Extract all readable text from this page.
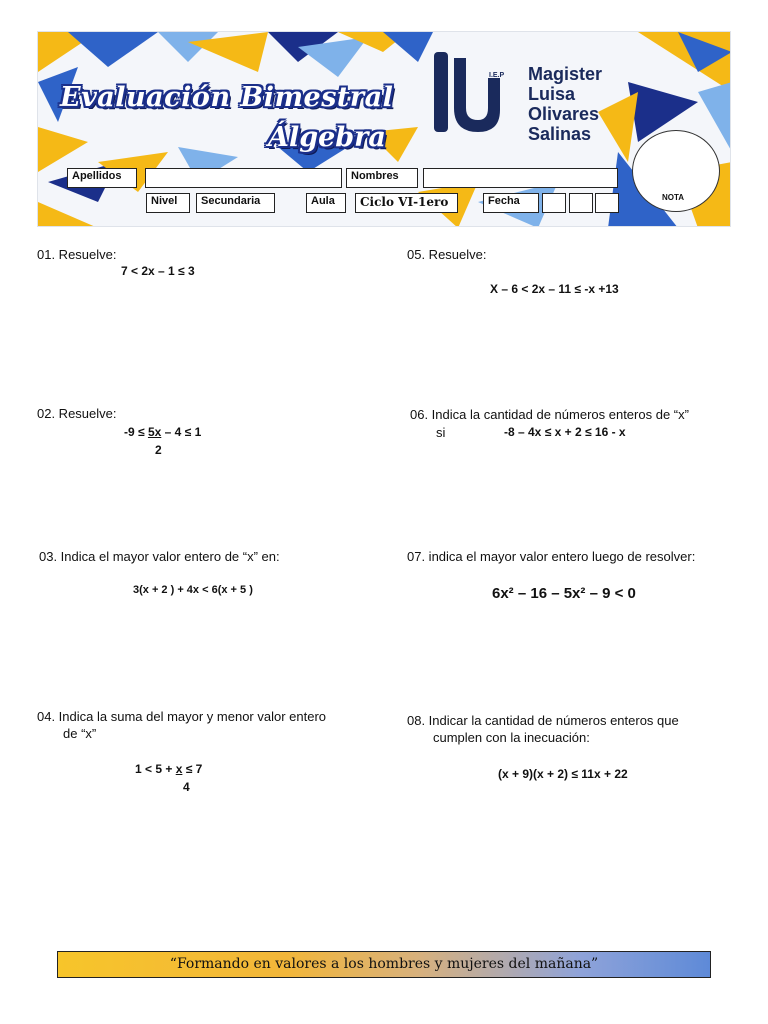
Evaluación Bimestral
Álgebra
I.E.P Magister
Luisa
Olivares
Salinas
Apellidos	Nombres
Nivel	Secundaria	Aula	Ciclo VI-1ero	Fecha	NOTA
01. Resuelve:
7 < 2x – 1 ≤ 3
02. Resuelve:
-9 ≤ 5x – 4 ≤ 1
2
03. Indica el mayor valor entero de “x” en:
3(x + 2 ) + 4x < 6(x + 5 )
04. Indica la suma del mayor y menor valor entero
de “x”
1 < 5 + x ≤ 7
4
05. Resuelve:
X – 6 < 2x – 11 ≤ -x +13
06. Indica la cantidad de números enteros de “x”
si	-8 – 4x ≤ x + 2 ≤ 16 - x
07. indica el mayor valor entero luego de resolver:
6x² – 16 – 5x² – 9 < 0
08. Indicar la cantidad de números enteros que
cumplen con la inecuación:
(x + 9)(x + 2) ≤ 11x + 22
“Formando en valores a los hombres y mujeres del mañana”
